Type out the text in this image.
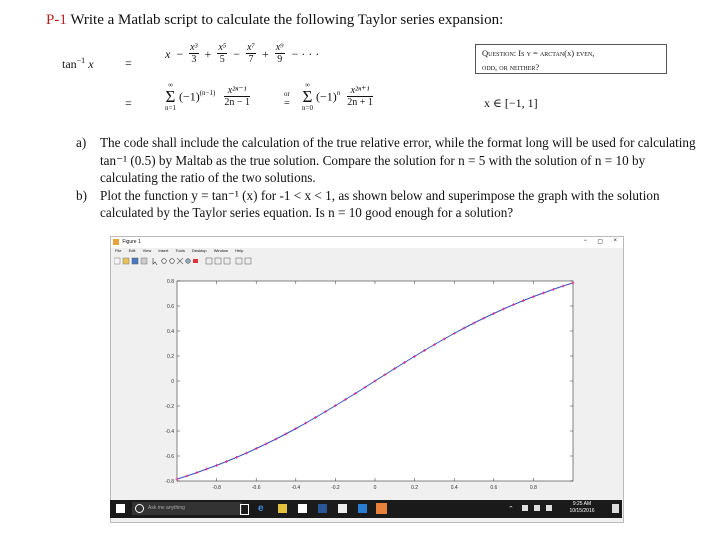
P-1 Write a Matlab script to calculate the following Taylor series expansion:
$\tan^{-1} x$	=
$x - \frac{\text{x³}}{3} + \frac{\text{x⁵}}{5} - \frac{\text{x⁷}}{7} + \frac{\text{x⁹}}{9}$ − · · ·	Question: Is y = arctan(x) even,
odd, or neither?
=
∞
Σ
n=1
$(-1)^{(n-1)} \frac{\text{x²ⁿ⁻¹}}{2n - 1}$	or
=
∞
Σ
n=0
$(-1)^n \frac{\text{x²ⁿ⁺¹}}{2n + 1}$	x ∈ [−1, 1]
a) The code shall include the calculation of the true relative error, while the format long will be used for calculating tan⁻¹ (0.5) by Maltab as the true solution. Compare the solution for n = 5 with the solution of n = 10 by calculating the ratio of the two solutions.
b) Plot the function y = tan⁻¹ (x) for -1 < x < 1, as shown below and superimpose the graph with the solution calculated by the Taylor series equation. Is n = 10 good enough for a solution?
Figure 1	− ▢ ×
File Edit View Insert Tools Desktop Window Help
-0.8	-0.6	-0.4	-0.2	0	0.2	0.4	0.6	0.8
0.8
0.6
0.4
0.2
0
-0.2
-0.4
-0.6
-0.8
$^{Ask me anything}$	e	⌃
9:25 AM
10/15/2016
